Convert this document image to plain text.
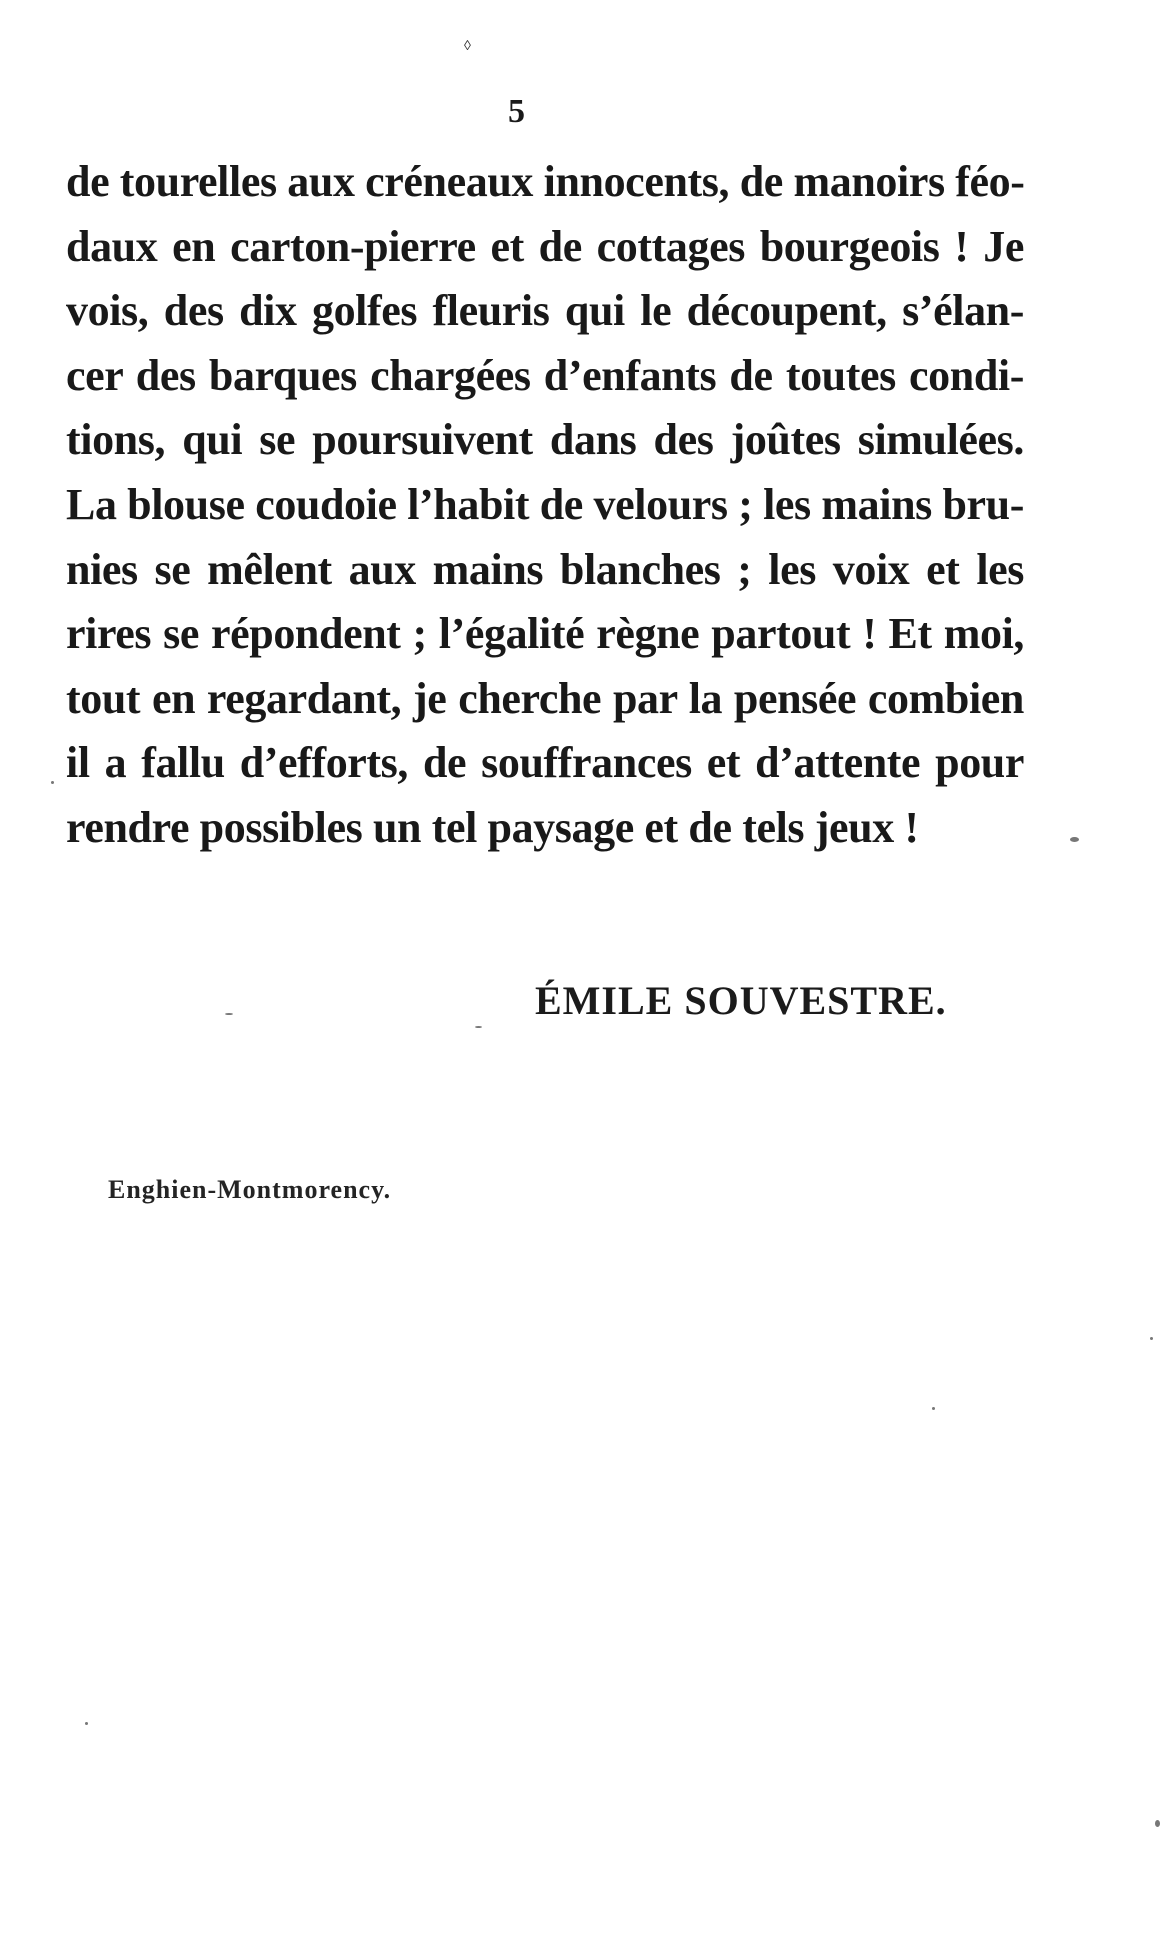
◊
5
de tourelles aux créneaux innocents, de manoirs féo-
daux en carton-pierre et de cottages bourgeois ! Je
vois, des dix golfes fleuris qui le découpent, s’élan-
cer des barques chargées d’enfants de toutes condi-
tions, qui se poursuivent dans des joûtes simulées.
La blouse coudoie l’habit de velours ; les mains bru-
nies se mêlent aux mains blanches ; les voix et les
rires se répondent ; l’égalité règne partout ! Et moi,
tout en regardant, je cherche par la pensée combien
il a fallu d’efforts, de souffrances et d’attente pour
rendre possibles un tel paysage et de tels jeux !
ÉMILE SOUVESTRE.
Enghien-Montmorency.
